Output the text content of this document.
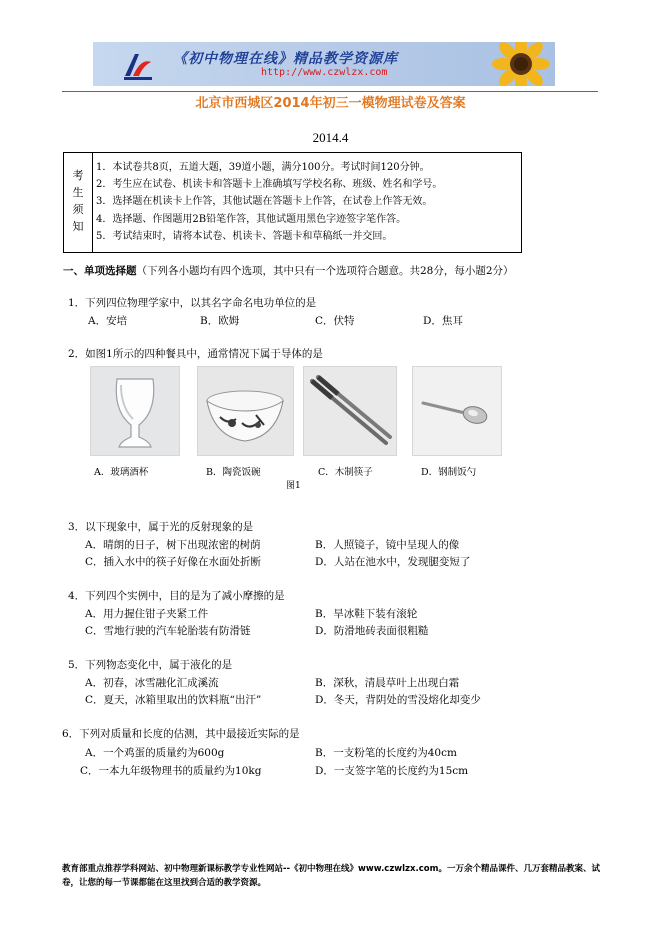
《初中物理在线》精品教学资源库
http://www.czwlzx.com
北京市西城区2014年初三一模物理试卷及答案
2014.4
考
生
须
知
1．本试卷共8页，五道大题，39道小题，满分100分。考试时间120分钟。
2．考生应在试卷、机读卡和答题卡上准确填写学校名称、班级、姓名和学号。
3．选择题在机读卡上作答，其他试题在答题卡上作答，在试卷上作答无效。
4．选择题、作图题用2B铅笔作答，其他试题用黑色字迹签字笔作答。
5．考试结束时，请将本试卷、机读卡、答题卡和草稿纸一并交回。
一、单项选择题（下列各小题均有四个选项，其中只有一个选项符合题意。共28分，每小题2分）
1．下列四位物理学家中，以其名字命名电功单位的是
A．安培	B．欧姆	C．伏特	D．焦耳
2．如图1所示的四种餐具中，通常情况下属于导体的是
A．玻璃酒杯	B．陶瓷饭碗	C．木制筷子	D．钢制饭勺
图1
3．以下现象中，属于光的反射现象的是
A．晴朗的日子，树下出现浓密的树荫	B．人照镜子，镜中呈现人的像
C．插入水中的筷子好像在水面处折断	D．人站在池水中，发现腿变短了
4．下列四个实例中，目的是为了减小摩擦的是
A．用力握住钳子夹紧工件	B．旱冰鞋下装有滚轮
C．雪地行驶的汽车轮胎装有防滑链	D．防滑地砖表面很粗糙
5．下列物态变化中，属于液化的是
A．初春，冰雪融化汇成溪流	B．深秋，清晨草叶上出现白霜
C．夏天，冰箱里取出的饮料瓶“出汗”	D．冬天，背阴处的雪没熔化却变少
6．下列对质量和长度的估测，其中最接近实际的是
A．一个鸡蛋的质量约为600g	B．一支粉笔的长度约为40cm
C．一本九年级物理书的质量约为10kg	D．一支签字笔的长度约为15cm
教育部重点推荐学科网站、初中物理新课标教学专业性网站--《初中物理在线》www.czwlzx.com。一万余个精品课件、几万套精品教案、试卷，让您的每一节课都能在这里找到合适的教学资源。
